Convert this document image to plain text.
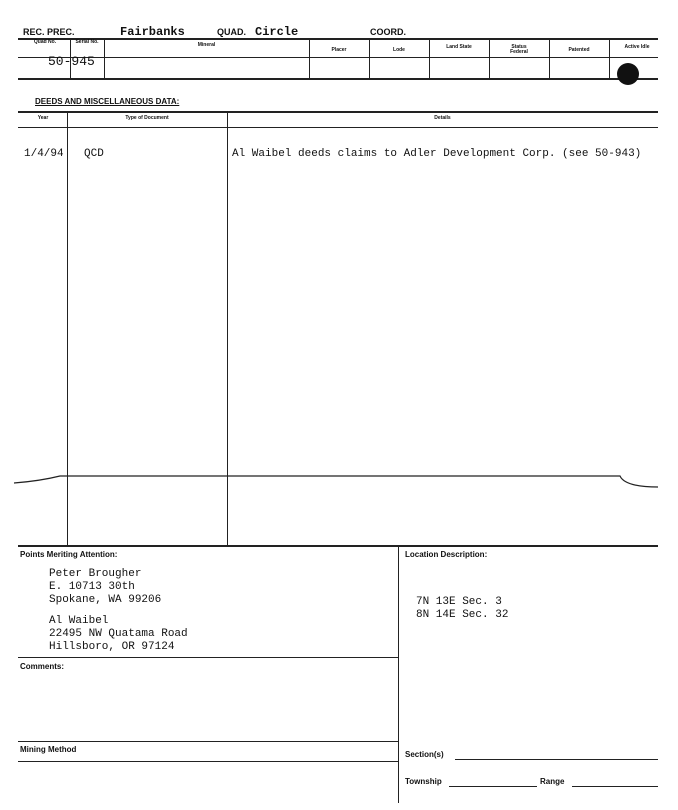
REC. PREC.	Fairbanks	QUAD. Circle	COORD.
Quad No.	Serial No.	Mineral
Placer	Lode	Land State	Status Federal	Patented	Active Idle
50-945
DEEDS AND MISCELLANEOUS DATA:
Year	Type of Document	Details
1/4/94 QCD	Al Waibel deeds claims to Adler Development Corp. (see 50-943)
Points Meriting Attention:
Peter Brougher
E. 10713 30th
Spokane, WA 99206
Al Waibel
22495 NW Quatama Road
Hillsboro, OR 97124
Comments:
Mining Method
Location Description:
7N 13E Sec. 3
8N 14E Sec. 32
Section(s)
Township	Range
